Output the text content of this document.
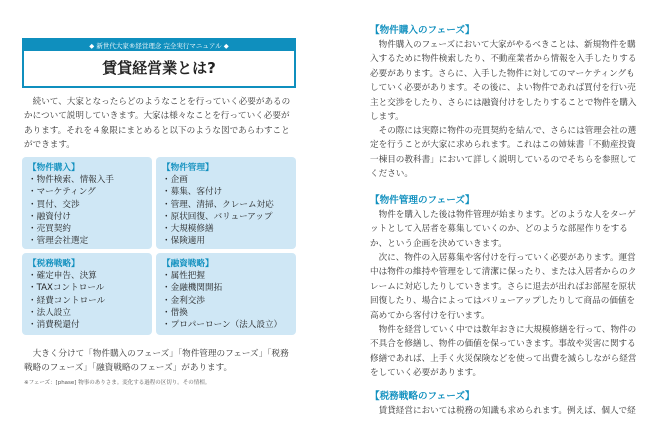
◆ 新世代大家®経営理念 完全実行マニュアル ◆
賃貸経営業とは?

続いて、大家となったらどのようなことを行っていく必要があるのかについて説明していきます。大家は様々なことを行っていく必要があります。それを４象限にまとめると以下のような図であらわすことができます。

【物件購入】
・物件検索、情報入手
・マーケティング
・買付、交渉
・融資付け
・売買契約
・管理会社選定
【物件管理】
・企画
・募集、客付け
・管理、清掃、クレーム対応
・原状回復、バリューアップ
・大規模修繕
・保険適用
【税務戦略】
・確定申告、決算
・TAXコントロール
・経費コントロール
・法人設立
・消費税還付
【融資戦略】
・属性把握
・金融機関開拓
・金利交渉
・借換
・プロパーローン（法人設立）

大きく分けて「物件購入のフェーズ」「物件管理のフェーズ」「税務戦略のフェーズ」「融資戦略のフェーズ」があります。

※フェーズ：[phase] 物事のありさま。変化する過程の区切り。その情相。
【物件購入のフェーズ】

物件購入のフェーズにおいて大家がやるべきことは、新規物件を購入するために物件検索したり、不動産業者から情報を入手したりする必要があります。さらに、入手した物件に対してのマーケティングもしていく必要があります。その後に、よい物件であれば買付を行い売主と交渉をしたり、さらには融資付けをしたりすることで物件を購入します。

その際には実際に物件の売買契約を結んで、さらには管理会社の選定を行うことが大家に求められます。これはこの姉妹書「不動産投資一棟目の教科書」において詳しく説明しているのでそちらを参照してください。

【物件管理のフェーズ】

物件を購入した後は物件管理が始まります。どのような人をターゲットとして入居者を募集していくのか、どのような部屋作りをするか、という企画を決めていきます。

次に、物件の入居募集や客付けを行っていく必要があります。運営中は物件の維持や管理をして清潔に保ったり、または入居者からのクレームに対応したりしていきます。さらに退去が出ればお部屋を原状回復したり、場合によってはバリューアップしたりして商品の価値を高めてから客付けを行います。

物件を経営していく中では数年おきに大規模修繕を行って、物件の不具合を修繕し、物件の価値を保っていきます。事故や災害に関する修繕であれば、上手く火災保険などを使って出費を減らしながら経営をしていく必要があります。

【税務戦略のフェーズ】

賃貸経営においては税務の知識も求められます。例えば、個人で経
